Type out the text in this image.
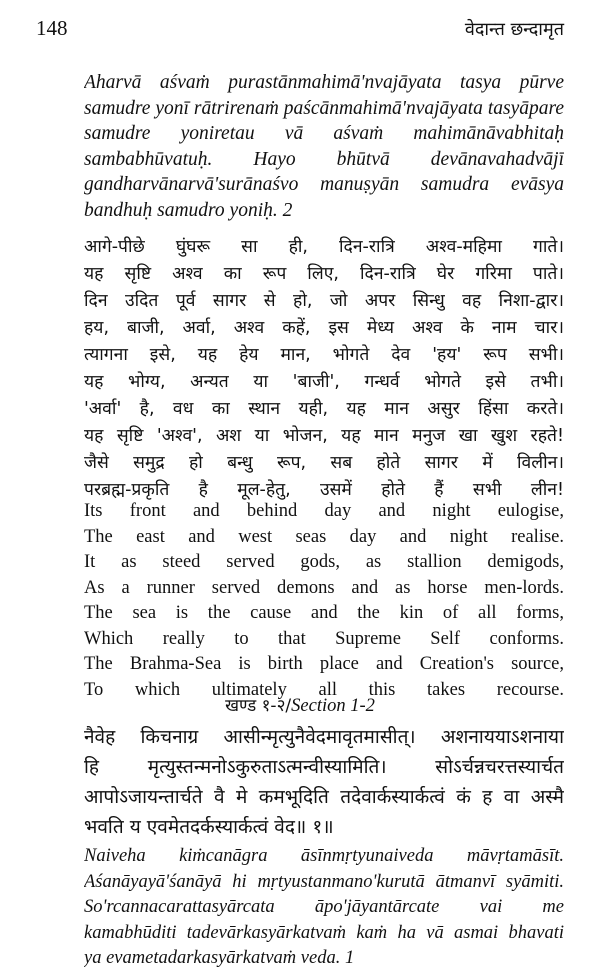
148	वेदान्त छन्दामृत
Aharvā aśvaṁ purastānmahimā'nvajāyata tasya pūrve
samudre yonī rātrirenaṁ paścānmahimā'nvajāyata tasyāpare
samudre yoniretau vā aśvaṁ mahimānāvabhitaḥ
sambabhūvatuḥ. Hayo bhūtvā devānavahadvājī
gandharvānarvā'surānaśvo manuṣyān samudra evāsya
bandhuḥ samudro yoniḥ. 2
आगे-पीछे घुंघरू सा ही, दिन-रात्रि अश्व-महिमा गाते।
यह सृष्टि अश्व का रूप लिए, दिन-रात्रि घेर गरिमा पाते।
दिन उदित पूर्व सागर से हो, जो अपर सिन्धु वह निशा-द्वार।
हय, बाजी, अर्वा, अश्व कहें, इस मेध्य अश्व के नाम चार।
त्यागना इसे, यह हेय मान, भोगते देव 'हय' रूप सभी।
यह भोग्य, अन्यत या 'बाजी', गन्धर्व भोगते इसे तभी।
'अर्वा' है, वध का स्थान यही, यह मान असुर हिंसा करते।
यह सृष्टि 'अश्व', अश या भोजन, यह मान मनुज खा खुश रहते!
जैसे समुद्र हो बन्धु रूप, सब होते सागर में विलीन।
परब्रह्म-प्रकृति है मूल-हेतु, उसमें होते हैं सभी लीन!
Its front and behind day and night eulogise,
The east and west seas day and night realise.
It as steed served gods, as stallion demigods,
As a runner served demons and as horse men-lords.
The sea is the cause and the kin of all forms,
Which really to that Supreme Self conforms.
The Brahma-Sea is birth place and Creation's source,
To which ultimately all this takes recourse.
खण्ड १-२/Section 1-2
नैवेह किचनाग्र आसीन्मृत्युनैवेदमावृतमासीत्। अशनाययाऽशनाया
हि मृत्युस्तन्मनोऽकुरुताऽत्मन्वीस्यामिति। सोऽर्चन्नचरत्तस्यार्चत
आपोऽजायन्तार्चते वै मे कमभूदिति तदेवार्कस्यार्कत्वं कं ह वा अस्मै
भवति य एवमेतदर्कस्यार्कत्वं वेद॥ १॥
Naiveha kiṁcanāgra āsīnmṛtyunaiveda māvṛtamāsīt.
Aśanāyayā'śanāyā hi mṛtyustanmano'kurutā ātmanvī syāmiti.
So'rcannacarattasyārcata āpo'jāyantārcate vai me
kamabhūditi tadevārkasyārkatvaṁ kaṁ ha vā asmai bhavati
ya evametadarkasyārkatvaṁ veda. 1
